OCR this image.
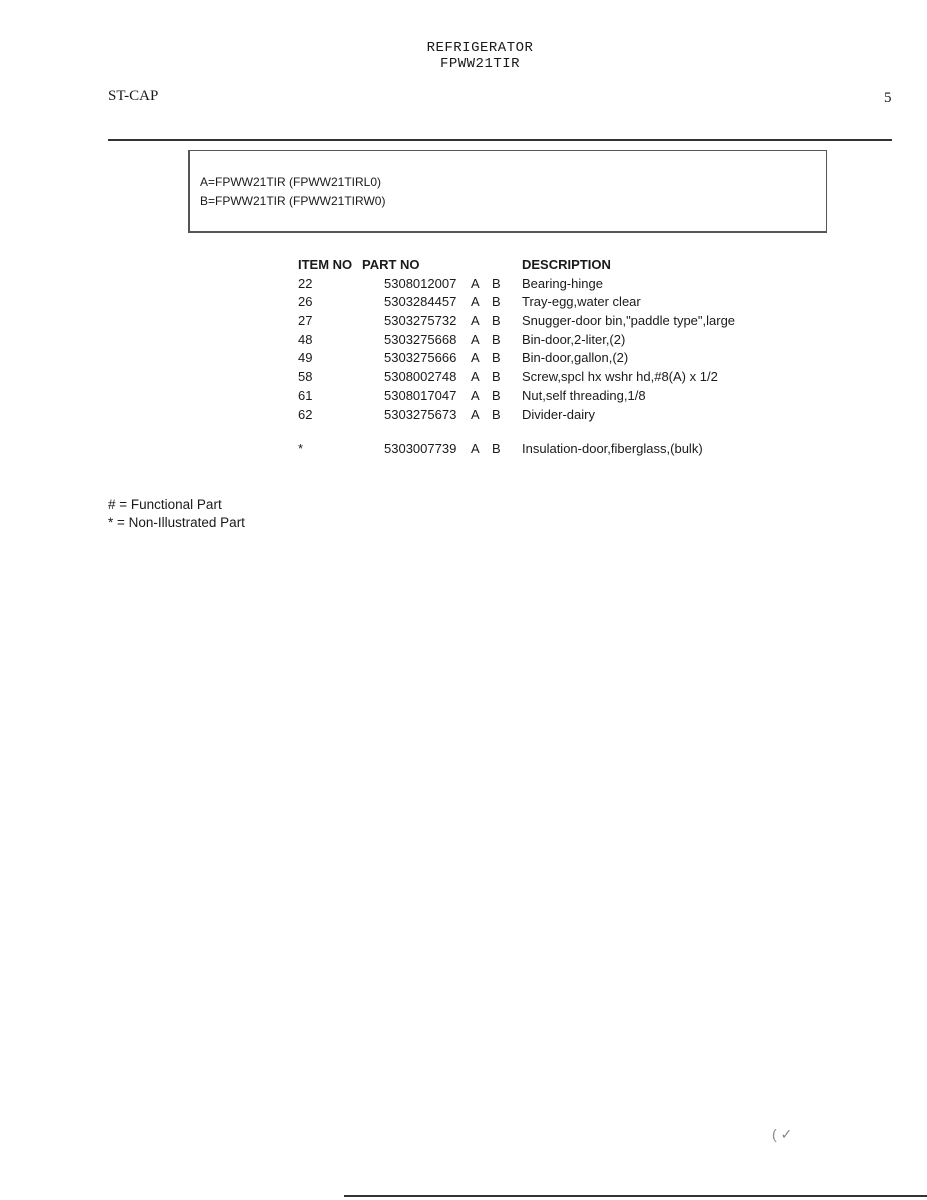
REFRIGERATOR
FPWW21TIR
ST-CAP	5
A=FPWW21TIR (FPWW21TIRL0)
B=FPWW21TIR (FPWW21TIRW0)
ITEM NO PART NO	DESCRIPTION
22	5308012007 A B Bearing-hinge
26	5303284457 A B Tray-egg,water clear
27	5303275732 A B Snugger-door bin,"paddle type",large
48	5303275668 A B Bin-door,2-liter,(2)
49	5303275666 A B Bin-door,gallon,(2)
58	5308002748 A B Screw,spcl hx wshr hd,#8(A) x 1/2
61	5308017047 A B Nut,self threading,1/8
62	5303275673 A B Divider-dairy
*	5303007739 A B Insulation-door,fiberglass,(bulk)
# = Functional Part
* = Non-Illustrated Part
( ✓
